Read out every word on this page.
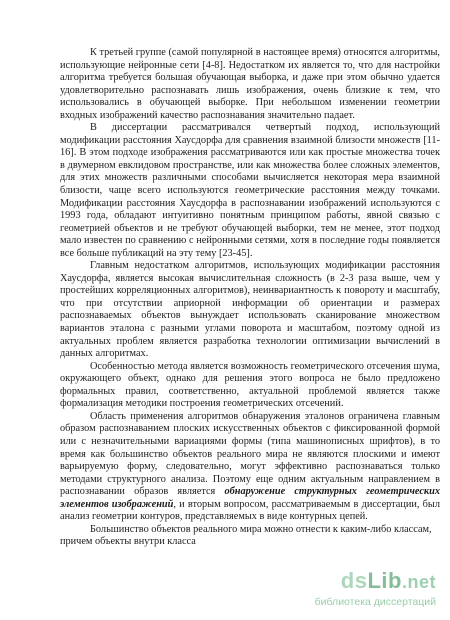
К третьей группе (самой популярной в настоящее время) относятся алгоритмы, использующие нейронные сети [4-8]. Недостатком их является то, что для настройки алгоритма требуется большая обучающая выборка, и даже при этом обычно удается удовлетворительно распознавать лишь изображения, очень близкие к тем, что использовались в обучающей выборке. При небольшом изменении геометрии входных изображений качество распознавания значительно падает.

В диссертации рассматривался четвертый подход, использующий модификации расстояния Хаусдорфа для сравнения взаимной близости множеств [11-16]. В этом подходе изображения рассматриваются или как простые множества точек в двумерном евклидовом пространстве, или как множества более сложных элементов, для этих множеств различными способами вычисляется некоторая мера взаимной близости, чаще всего используются геометрические расстояния между точками. Модификации расстояния Хаусдорфа в распознавании изображений используются с 1993 года, обладают интуитивно понятным принципом работы, явной связью с геометрией объектов и не требуют обучающей выборки, тем не менее, этот подход мало известен по сравнению с нейронными сетями, хотя в последние годы появляется все больше публикаций на эту тему [23-45].

Главным недостатком алгоритмов, использующих модификации расстояния Хаусдорфа, является высокая вычислительная сложность (в 2-3 раза выше, чем у простейших корреляционных алгоритмов), неинвариантность к повороту и масштабу, что при отсутствии априорной информации об ориентации и размерах распознаваемых объектов вынуждает использовать сканирование множеством вариантов эталона с разными углами поворота и масштабом, поэтому одной из актуальных проблем является разработка технологии оптимизации вычислений в данных алгоритмах.

Особенностью метода является возможность геометрического отсечения шума, окружающего объект, однако для решения этого вопроса не было предложено формальных правил, соответственно, актуальной проблемой является также формализация методики построения геометрических отсечений.

Область применения алгоритмов обнаружения эталонов ограничена главным образом распознаванием плоских искусственных объектов с фиксированной формой или с незначительными вариациями формы (типа машинописных шрифтов), в то время как большинство объектов реального мира не являются плоскими и имеют варьируемую форму, следовательно, могут эффективно распознаваться только методами структурного анализа. Поэтому еще одним актуальным направлением в распознавании образов является обнаружение структурных геометрических элементов изображений, и вторым вопросом, рассматриваемым в диссертации, был анализ геометрии контуров, представляемых в виде контурных цепей.

Большинство объектов реального мира можно отнести к каким-либо классам, причем объекты внутри класса

dsLib.net
библиотека диссертаций
